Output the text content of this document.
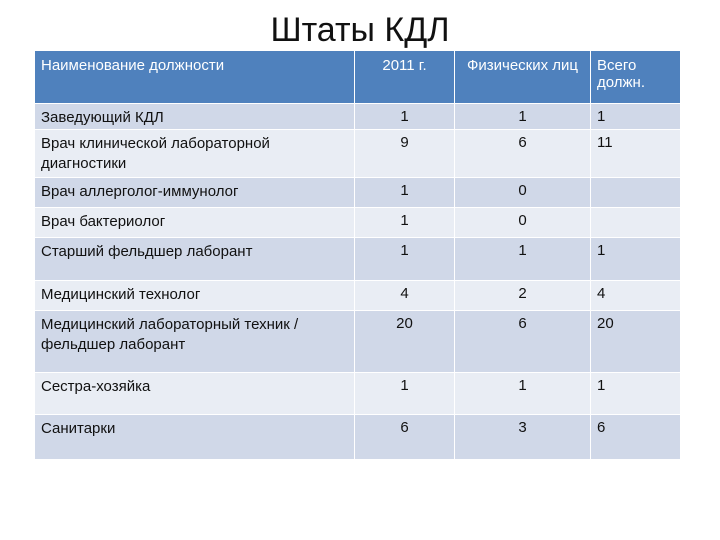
Штаты КДЛ
Наименование должности	2011 г.	Физических лиц	Всего должн.
Заведующий КДЛ	1	1	1
Врач клинической лабораторной диагностики	9	6	11
Врач аллерголог-иммунолог	1	0	
Врач бактериолог	1	0	
Старший фельдшер лаборант	1	1	1
Медицинский технолог	4	2	4
Медицинский лабораторный техник / фельдшер лаборант	20	6	20
Сестра-хозяйка	1	1	1
Санитарки	6	3	6
